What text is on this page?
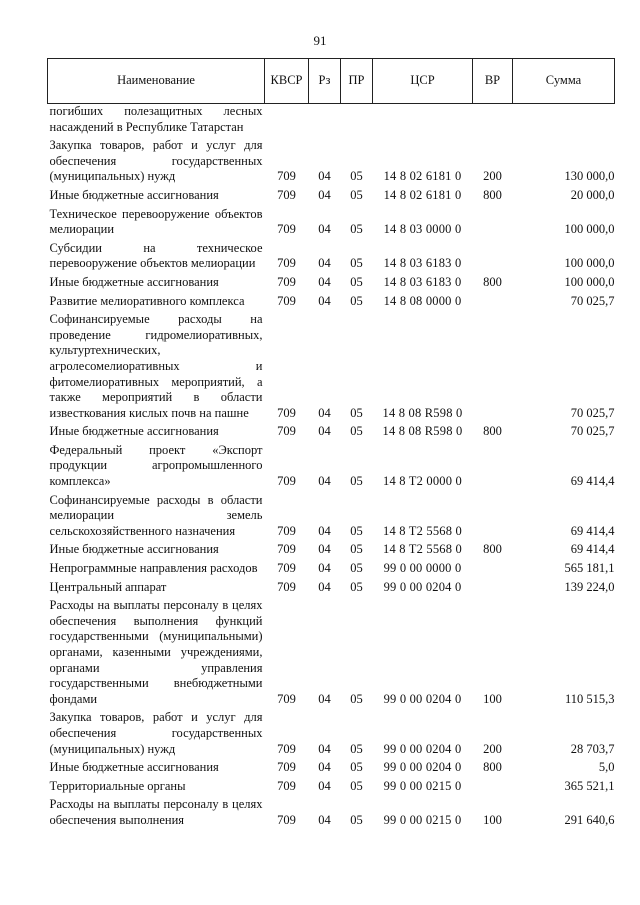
91
Наименование	КВСР	Рз	ПР	ЦСР	ВР	Сумма
погибших полезащитных лесных насаждений в Республике Татарстан						
Закупка товаров, работ и услуг для обеспечения государственных (муниципальных) нужд	709	04	05	14 8 02 6181 0	200	130 000,0
Иные бюджетные ассигнования	709	04	05	14 8 02 6181 0	800	20 000,0
Техническое перевооружение объектов мелиорации	709	04	05	14 8 03 0000 0		100 000,0
Субсидии на техническое перевооружение объектов мелиорации	709	04	05	14 8 03 6183 0		100 000,0
Иные бюджетные ассигнования	709	04	05	14 8 03 6183 0	800	100 000,0
Развитие мелиоративного комплекса	709	04	05	14 8 08 0000 0		70 025,7
Софинансируемые расходы на проведение гидромелиоративных, культуртехнических, агролесомелиоративных и фитомелиоративных мероприятий, а также мероприятий в области известкования кислых почв на пашне	709	04	05	14 8 08 R598 0		70 025,7
Иные бюджетные ассигнования	709	04	05	14 8 08 R598 0	800	70 025,7
Федеральный проект «Экспорт продукции агропромышленного комплекса»	709	04	05	14 8 T2 0000 0		69 414,4
Софинансируемые расходы в области мелиорации земель сельскохозяйственного назначения	709	04	05	14 8 T2 5568 0		69 414,4
Иные бюджетные ассигнования	709	04	05	14 8 T2 5568 0	800	69 414,4
Непрограммные направления расходов	709	04	05	99 0 00 0000 0		565 181,1
Центральный аппарат	709	04	05	99 0 00 0204 0		139 224,0
Расходы на выплаты персоналу в целях обеспечения выполнения функций государственными (муниципальными) органами, казенными учреждениями, органами управления государственными внебюджетными фондами	709	04	05	99 0 00 0204 0	100	110 515,3
Закупка товаров, работ и услуг для обеспечения государственных (муниципальных) нужд	709	04	05	99 0 00 0204 0	200	28 703,7
Иные бюджетные ассигнования	709	04	05	99 0 00 0204 0	800	5,0
Территориальные органы	709	04	05	99 0 00 0215 0		365 521,1
Расходы на выплаты персоналу в целях обеспечения выполнения	709	04	05	99 0 00 0215 0	100	291 640,6
